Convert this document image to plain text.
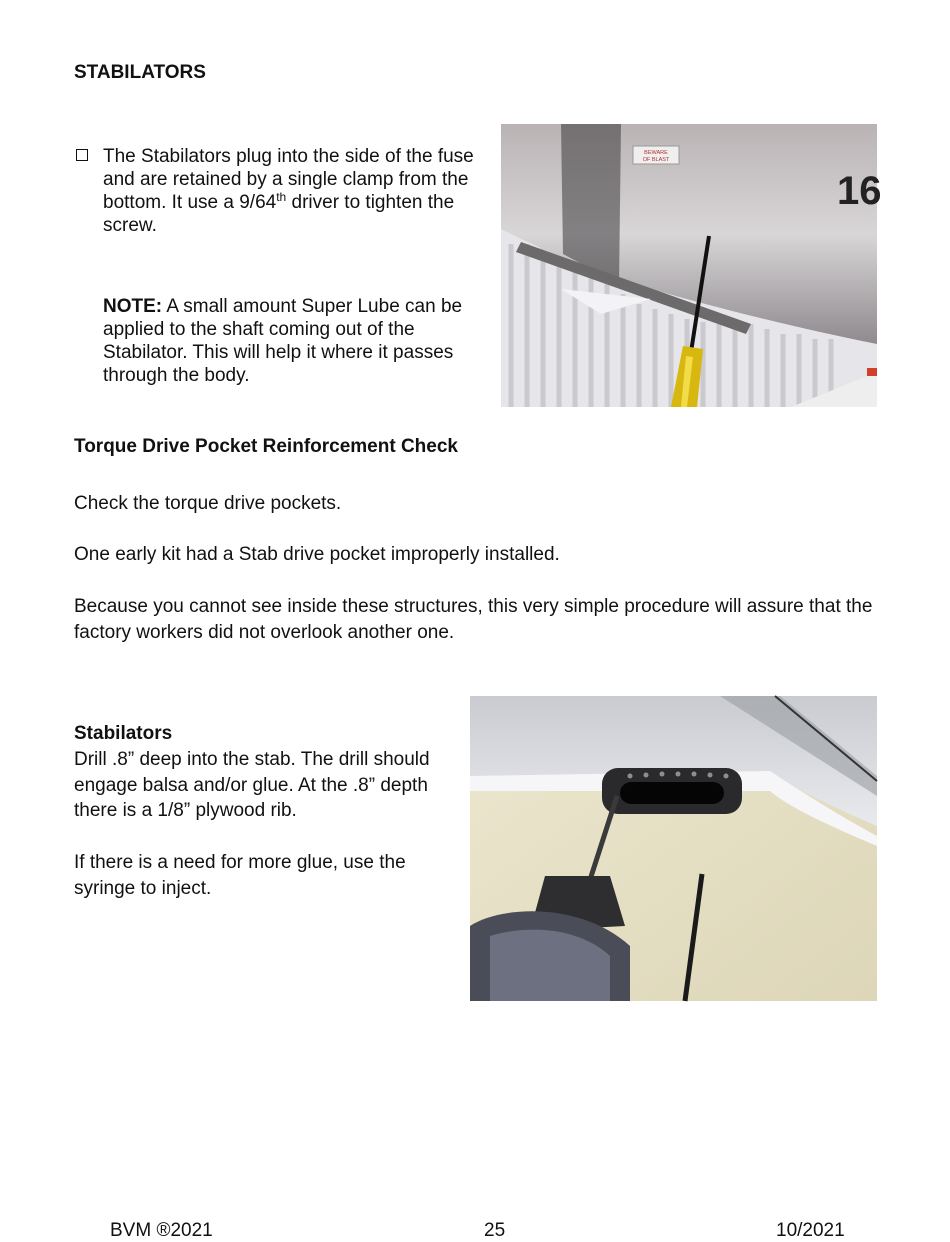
STABILATORS
The Stabilators plug into the side of the fuse and are retained by a single clamp from the bottom. It use a 9/64th driver to tighten the screw.
NOTE: A small amount Super Lube can be applied to the shaft coming out of the Stabilator. This will help it where it passes through the body.
16
BEWARE
OF BLAST
Torque Drive Pocket Reinforcement Check
Check the torque drive pockets.
One early kit had a Stab drive pocket improperly installed.
Because you cannot see inside these structures, this very simple procedure will assure that the factory workers did not overlook another one.
Stabilators
Drill .8” deep into the stab. The drill should engage balsa and/or glue. At the .8” depth there is a 1/8” plywood rib.
If there is a need for more glue, use the syringe to inject.
BVM ®2021	25	10/2021
